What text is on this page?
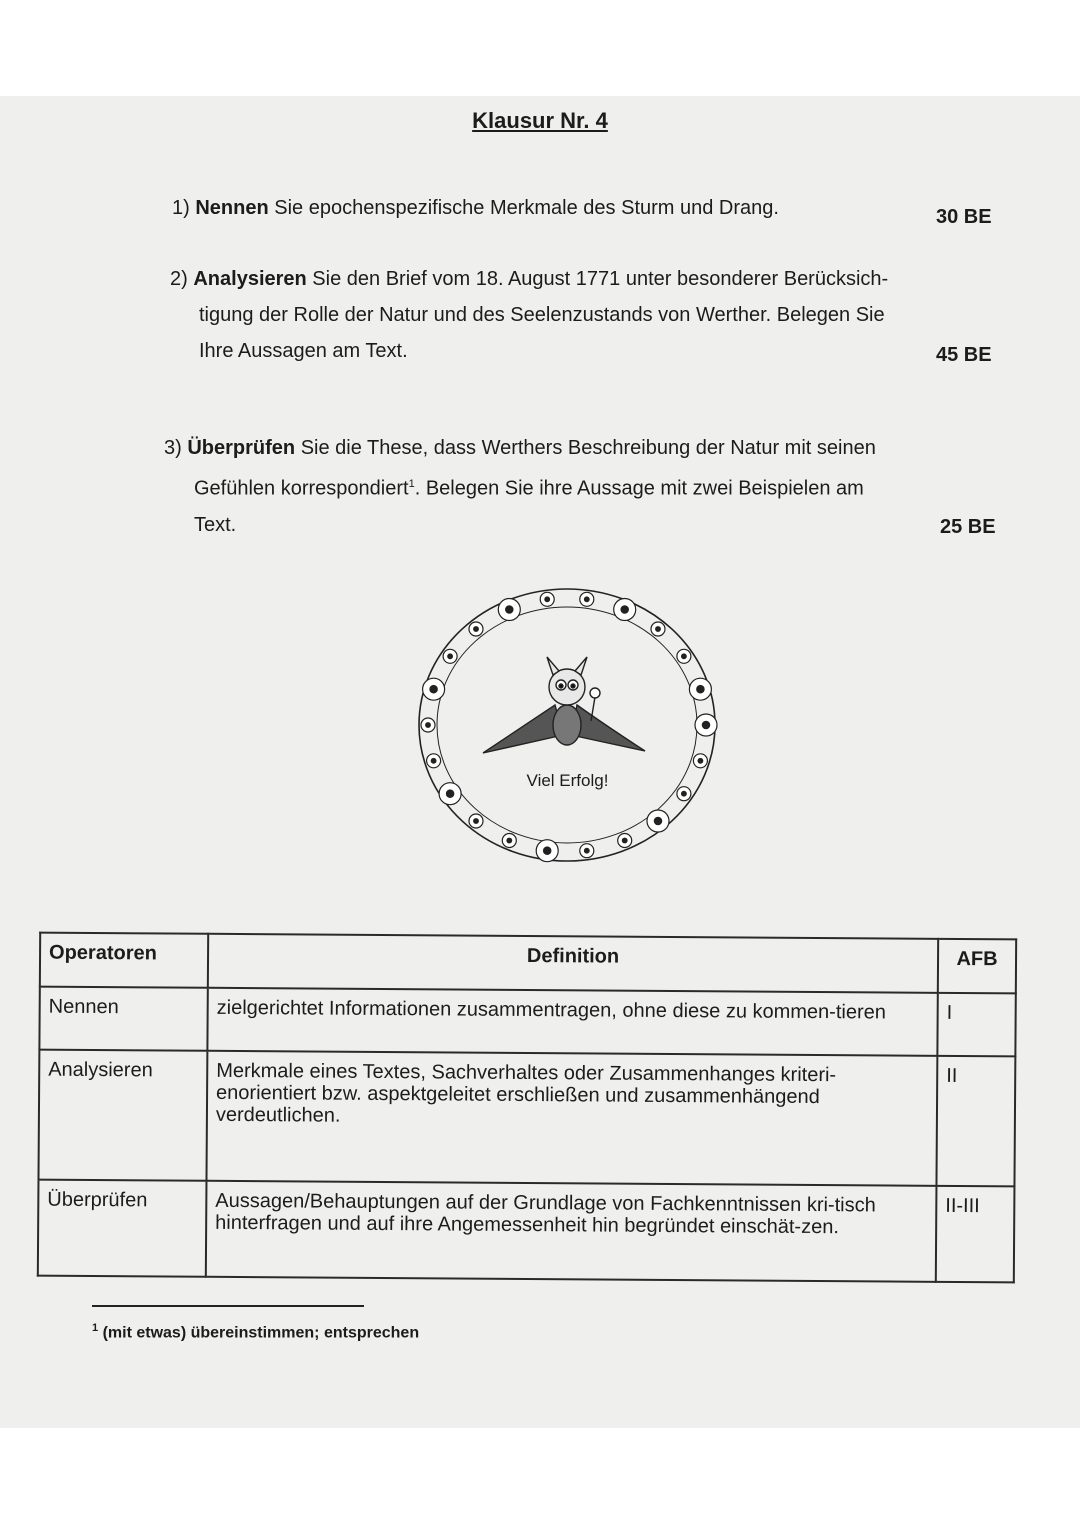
Klausur Nr. 4
1) Nennen Sie epochenspezifische Merkmale des Sturm und Drang.	30 BE
2) Analysieren Sie den Brief vom 18. August 1771 unter besonderer Berücksich-
tigung der Rolle der Natur und des Seelenzustands von Werther. Belegen Sie
Ihre Aussagen am Text.	45 BE
3) Überprüfen Sie die These, dass Werthers Beschreibung der Natur mit seinen
Gefühlen korrespondiert$^1$. Belegen Sie ihre Aussage mit zwei Beispielen am
Text.	25 BE
Viel Erfolg!
Operatoren	Definition	AFB
Nennen	zielgerichtet Informationen zusammentragen, ohne diese zu kommen-tieren	I
Analysieren	Merkmale eines Textes, Sachverhaltes oder Zusammenhanges kriteri-enorientiert bzw. aspektgeleitet erschließen und zusammenhängend verdeutlichen.	II
Überprüfen	Aussagen/Behauptungen auf der Grundlage von Fachkenntnissen kri-tisch hinterfragen und auf ihre Angemessenheit hin begründet einschät-zen.	II-III
$^1$ (mit etwas) übereinstimmen; entsprechen
